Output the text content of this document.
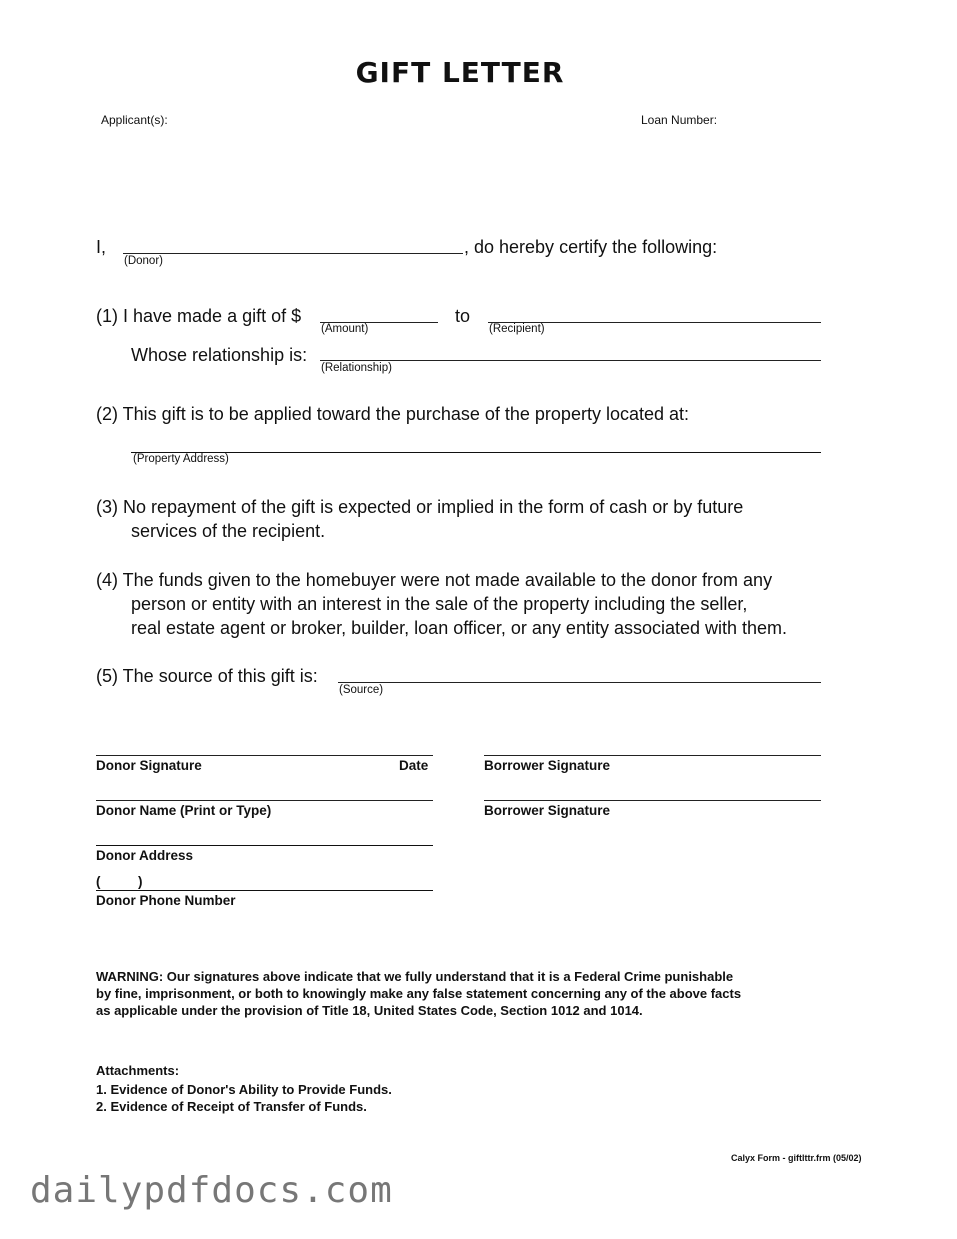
GIFT LETTER
Applicant(s):	Loan Number:
I,
(Donor)
, do hereby certify the following:
(1) I have made a gift of $
(Amount)
to
(Recipient)
Whose relationship is:
(Relationship)
(2) This gift is to be applied toward the purchase of the property located at:
(Property Address)
(3) No repayment of the gift is expected or implied in the form of cash or by future
services of the recipient.
(4) The funds given to the homebuyer were not made available to the donor from any
person or entity with an interest in the sale of the property including the seller,
real estate agent or broker, builder, loan officer, or any entity associated with them.
(5) The source of this gift is:
(Source)
Donor Signature	Date	Borrower Signature
Donor Name (Print or Type)	Borrower Signature
Donor Address
(          )
Donor Phone Number
WARNING: Our signatures above indicate that we fully understand that it is a Federal Crime punishable
by fine, imprisonment, or both to knowingly make any false statement concerning any of the above facts
as applicable under the provision of Title 18, United States Code, Section 1012 and 1014.
Attachments:
1. Evidence of Donor's Ability to Provide Funds.
2. Evidence of Receipt of Transfer of Funds.
Calyx Form - giftlttr.frm (05/02)
dailypdfdocs.com
